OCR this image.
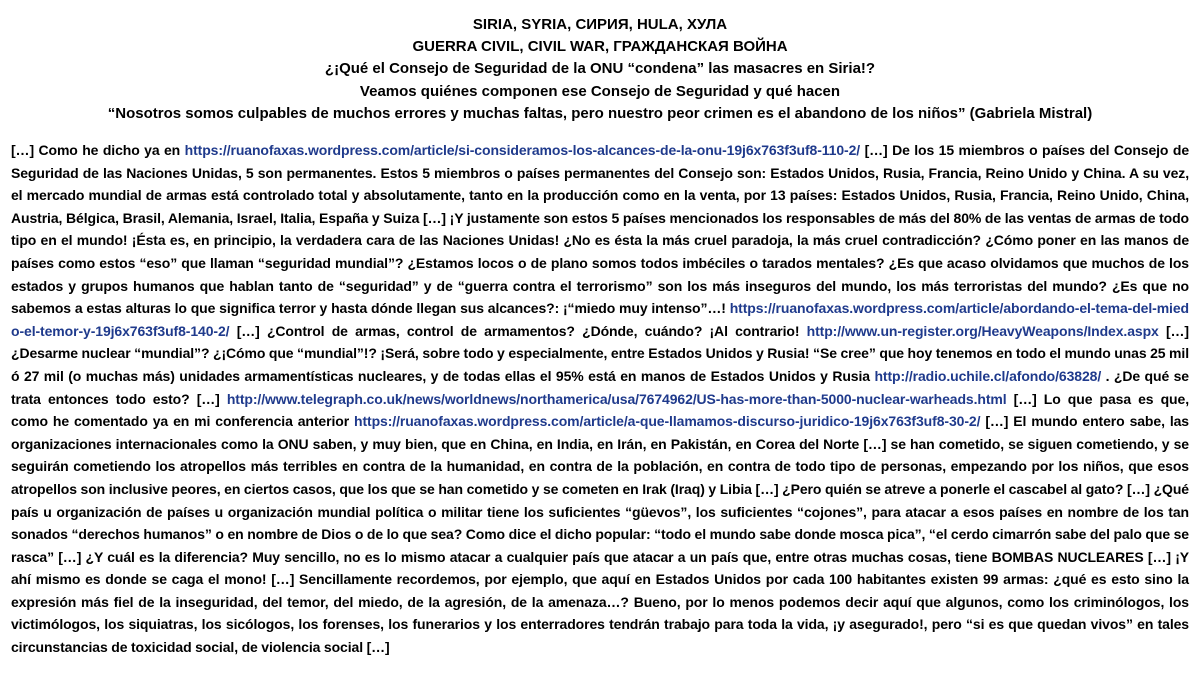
SIRIA, SYRIA, СИРИЯ, HULA, ХУЛА
GUERRA CIVIL, CIVIL WAR, ГРАЖДАНСКАЯ ВОЙНА
¿¡Qué el Consejo de Seguridad de la ONU “condena” las masacres en Siria!?
Veamos quiénes componen ese Consejo de Seguridad y qué hacen
“Nosotros somos culpables de muchos errores y muchas faltas, pero nuestro peor crimen es el abandono de los niños” (Gabriela Mistral)
[…] Como he dicho ya en https://ruanofaxas.wordpress.com/article/si-consideramos-los-alcances-de-la-onu-19j6x763f3uf8-110-2/ […] De los 15 miembros o países del Consejo de Seguridad de las Naciones Unidas, 5 son permanentes. Estos 5 miembros o países permanentes del Consejo son: Estados Unidos, Rusia, Francia, Reino Unido y China. A su vez, el mercado mundial de armas está controlado total y absolutamente, tanto en la producción como en la venta, por 13 países: Estados Unidos, Rusia, Francia, Reino Unido, China, Austria, Bélgica, Brasil, Alemania, Israel, Italia, España y Suiza […] ¡Y justamente son estos 5 países mencionados los responsables de más del 80% de las ventas de armas de todo tipo en el mundo! ¡Ésta es, en principio, la verdadera cara de las Naciones Unidas! ¿No es ésta la más cruel paradoja, la más cruel contradicción? ¿Cómo poner en las manos de países como estos “eso” que llaman “seguridad mundial”? ¿Estamos locos o de plano somos todos imbéciles o tarados mentales? ¿Es que acaso olvidamos que muchos de los estados y grupos humanos que hablan tanto de “seguridad” y de “guerra contra el terrorismo” son los más inseguros del mundo, los más terroristas del mundo? ¿Es que no sabemos a estas alturas lo que significa terror y hasta dónde llegan sus alcances?: ¡“miedo muy intenso”…! https://ruanofaxas.wordpress.com/article/abordando-el-tema-del-miedo-el-temor-y-19j6x763f3uf8-140-2/ […] ¿Control de armas, control de armamentos? ¿Dónde, cuándo? ¡Al contrario! http://www.un-register.org/HeavyWeapons/Index.aspx […] ¿Desarme nuclear “mundial”? ¿¡Cómo que “mundial”!? ¡Será, sobre todo y especialmente, entre Estados Unidos y Rusia! “Se cree” que hoy tenemos en todo el mundo unas 25 mil ó 27 mil (o muchas más) unidades armamentísticas nucleares, y de todas ellas el 95% está en manos de Estados Unidos y Rusia http://radio.uchile.cl/afondo/63828/ . ¿De qué se trata entonces todo esto? […] http://www.telegraph.co.uk/news/worldnews/northamerica/usa/7674962/US-has-more-than-5000-nuclear-warheads.html […] Lo que pasa es que, como he comentado ya en mi conferencia anterior https://ruanofaxas.wordpress.com/article/a-que-llamamos-discurso-juridico-19j6x763f3uf8-30-2/ […] El mundo entero sabe, las organizaciones internacionales como la ONU saben, y muy bien, que en China, en India, en Irán, en Pakistán, en Corea del Norte […] se han cometido, se siguen cometiendo, y se seguirán cometiendo los atropellos más terribles en contra de la humanidad, en contra de la población, en contra de todo tipo de personas, empezando por los niños, que esos atropellos son inclusive peores, en ciertos casos, que los que se han cometido y se cometen en Irak (Iraq) y Libia […] ¿Pero quién se atreve a ponerle el cascabel al gato? […] ¿Qué país u organización de países u organización mundial política o militar tiene los suficientes “güevos”, los suficientes “cojones”, para atacar a esos países en nombre de los tan sonados “derechos humanos” o en nombre de Dios o de lo que sea? Como dice el dicho popular: “todo el mundo sabe donde mosca pica”, “el cerdo cimarrón sabe del palo que se rasca” […] ¿Y cuál es la diferencia? Muy sencillo, no es lo mismo atacar a cualquier país que atacar a un país que, entre otras muchas cosas, tiene BOMBAS NUCLEARES […] ¡Y ahí mismo es donde se caga el mono! […] Sencillamente recordemos, por ejemplo, que aquí en Estados Unidos por cada 100 habitantes existen 99 armas: ¿qué es esto sino la expresión más fiel de la inseguridad, del temor, del miedo, de la agresión, de la amenaza…? Bueno, por lo menos podemos decir aquí que algunos, como los criminólogos, los victimólogos, los siquiatras, los sicólogos, los forenses, los funerarios y los enterradores tendrán trabajo para toda la vida, ¡y asegurado!, pero “si es que quedan vivos” en tales circunstancias de toxicidad social, de violencia social […]
